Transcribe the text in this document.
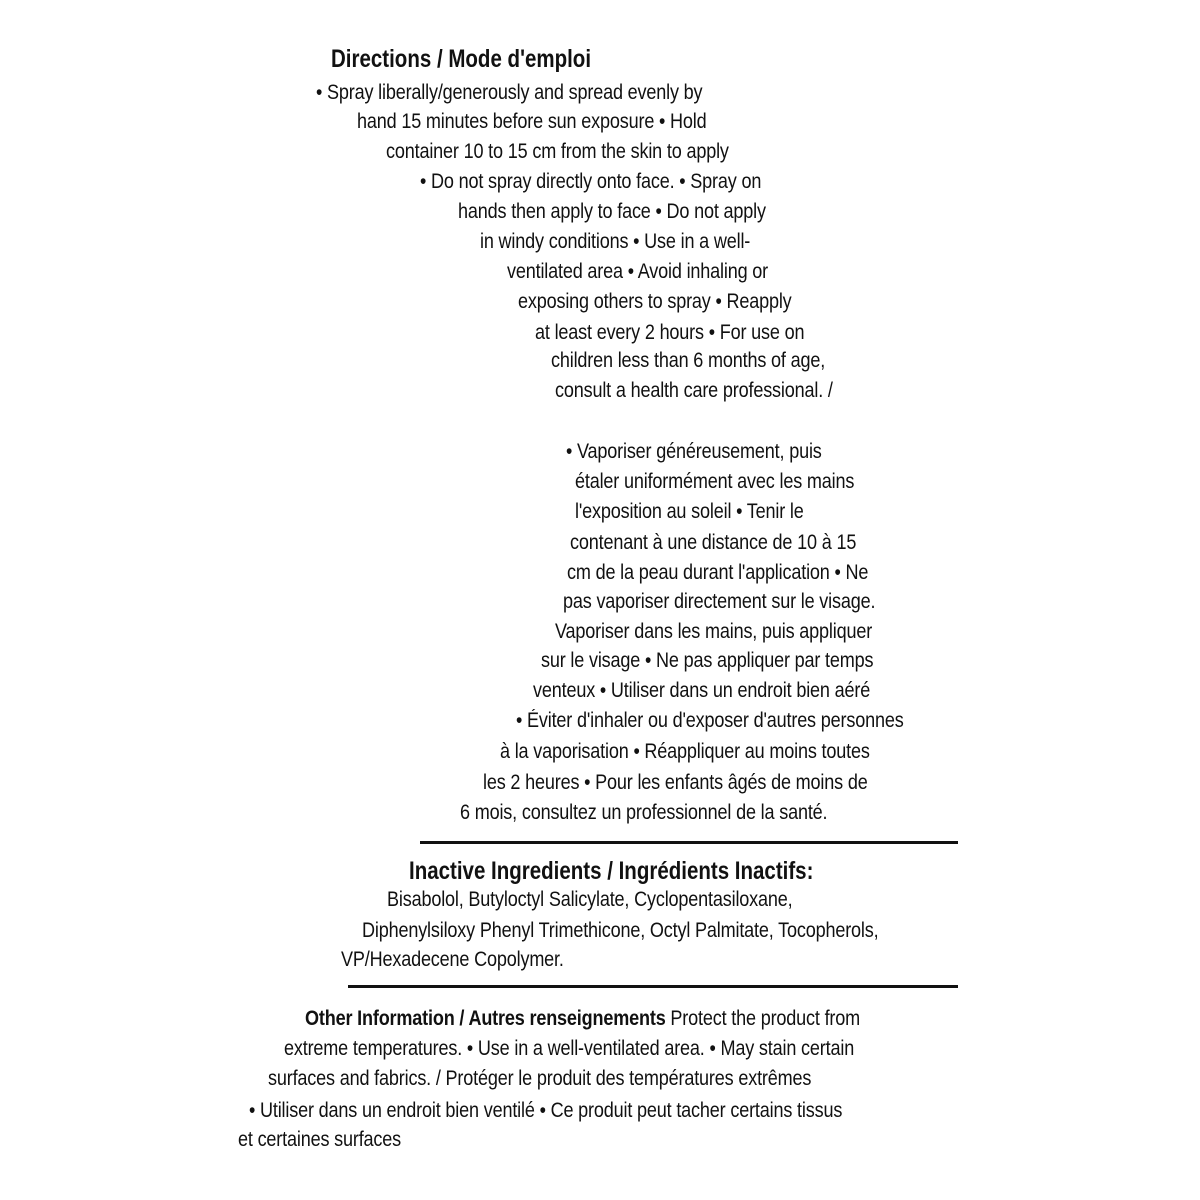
Directions / Mode d'emploi
• Spray liberally/generously and spread evenly by
hand 15 minutes before sun exposure • Hold
container 10 to 15 cm from the skin to apply
• Do not spray directly onto face. • Spray on
hands then apply to face • Do not apply
in windy conditions • Use in a well-
ventilated area • Avoid inhaling or
exposing others to spray • Reapply
at least every 2 hours • For use on
children less than 6 months of age,
consult a health care professional. /
• Vaporiser généreusement, puis
étaler uniformément avec les mains
l'exposition au soleil • Tenir le
contenant à une distance de 10 à 15
cm de la peau durant l'application • Ne
pas vaporiser directement sur le visage.
Vaporiser dans les mains, puis appliquer
sur le visage • Ne pas appliquer par temps
venteux • Utiliser dans un endroit bien aéré
• Éviter d'inhaler ou d'exposer d'autres personnes
à la vaporisation • Réappliquer au moins toutes
les 2 heures • Pour les enfants âgés de moins de
6 mois, consultez un professionnel de la santé.
Inactive Ingredients / Ingrédients Inactifs:
Bisabolol, Butyloctyl Salicylate, Cyclopentasiloxane,
Diphenylsiloxy Phenyl Trimethicone, Octyl Palmitate, Tocopherols,
VP/Hexadecene Copolymer.
Other Information / Autres renseignements Protect the product from
extreme temperatures. • Use in a well-ventilated area. • May stain certain
surfaces and fabrics. / Protéger le produit des températures extrêmes
• Utiliser dans un endroit bien ventilé • Ce produit peut tacher certains tissus
et certaines surfaces
